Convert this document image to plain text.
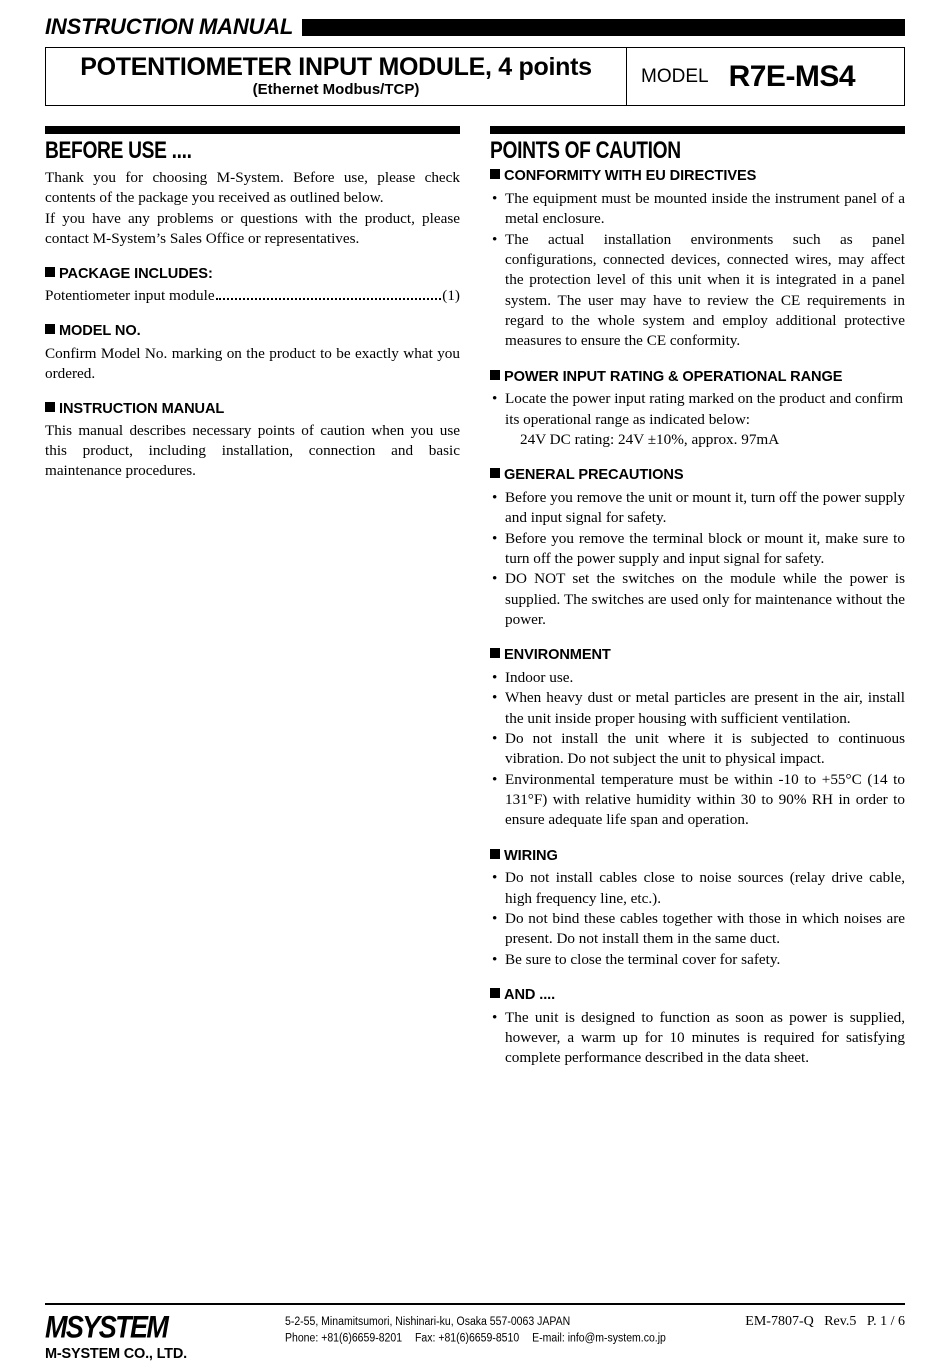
INSTRUCTION MANUAL
POTENTIOMETER INPUT MODULE, 4 points
(Ethernet Modbus/TCP)
MODEL R7E-MS4
BEFORE USE ....

Thank you for choosing M-System. Before use, please check contents of the package you received as outlined below.

If you have any problems or questions with the product, please contact M-System’s Sales Office or representatives.

PACKAGE INCLUDES:
Potentiometer input module	(1)
MODEL NO.

Confirm Model No. marking on the product to be exactly what you ordered.

INSTRUCTION MANUAL

This manual describes necessary points of caution when you use this product, including installation, connection and basic maintenance procedures.

POINTS OF CAUTION
CONFORMITY WITH EU DIRECTIVES
• The equipment must be mounted inside the instrument panel of a metal enclosure.
• The actual installation environments such as panel configurations, connected devices, connected wires, may affect the protection level of this unit when it is integrated in a panel system. The user may have to review the CE requirements in regard to the whole system and employ additional protective measures to ensure the CE conformity.
POWER INPUT RATING & OPERATIONAL RANGE
• Locate the power input rating marked on the product and confirm its operational range as indicated below:
24V DC rating: 24V ±10%, approx. 97mA
GENERAL PRECAUTIONS
• Before you remove the unit or mount it, turn off the power supply and input signal for safety.
• Before you remove the terminal block or mount it, make sure to turn off the power supply and input signal for safety.
• DO NOT set the switches on the module while the power is supplied. The switches are used only for maintenance without the power.
ENVIRONMENT
• Indoor use.
• When heavy dust or metal particles are present in the air, install the unit inside proper housing with sufficient ventilation.
• Do not install the unit where it is subjected to continuous vibration. Do not subject the unit to physical impact.
• Environmental temperature must be within -10 to +55°C (14 to 131°F) with relative humidity within 30 to 90% RH in order to ensure adequate life span and operation.
WIRING
• Do not install cables close to noise sources (relay drive cable, high frequency line, etc.).
• Do not bind these cables together with those in which noises are present. Do not install them in the same duct.
• Be sure to close the terminal cover for safety.
AND ....
• The unit is designed to function as soon as power is supplied, however, a warm up for 10 minutes is required for satisfying complete performance described in the data sheet.
MSYSTEM
M-SYSTEM CO., LTD.
5-2-55, Minamitsumori, Nishinari-ku, Osaka 557-0063 JAPAN
Phone: +81(6)6659-8201 Fax: +81(6)6659-8510 E-mail: info@m-system.co.jp
EM-7807-Q Rev.5 P. 1 / 6
